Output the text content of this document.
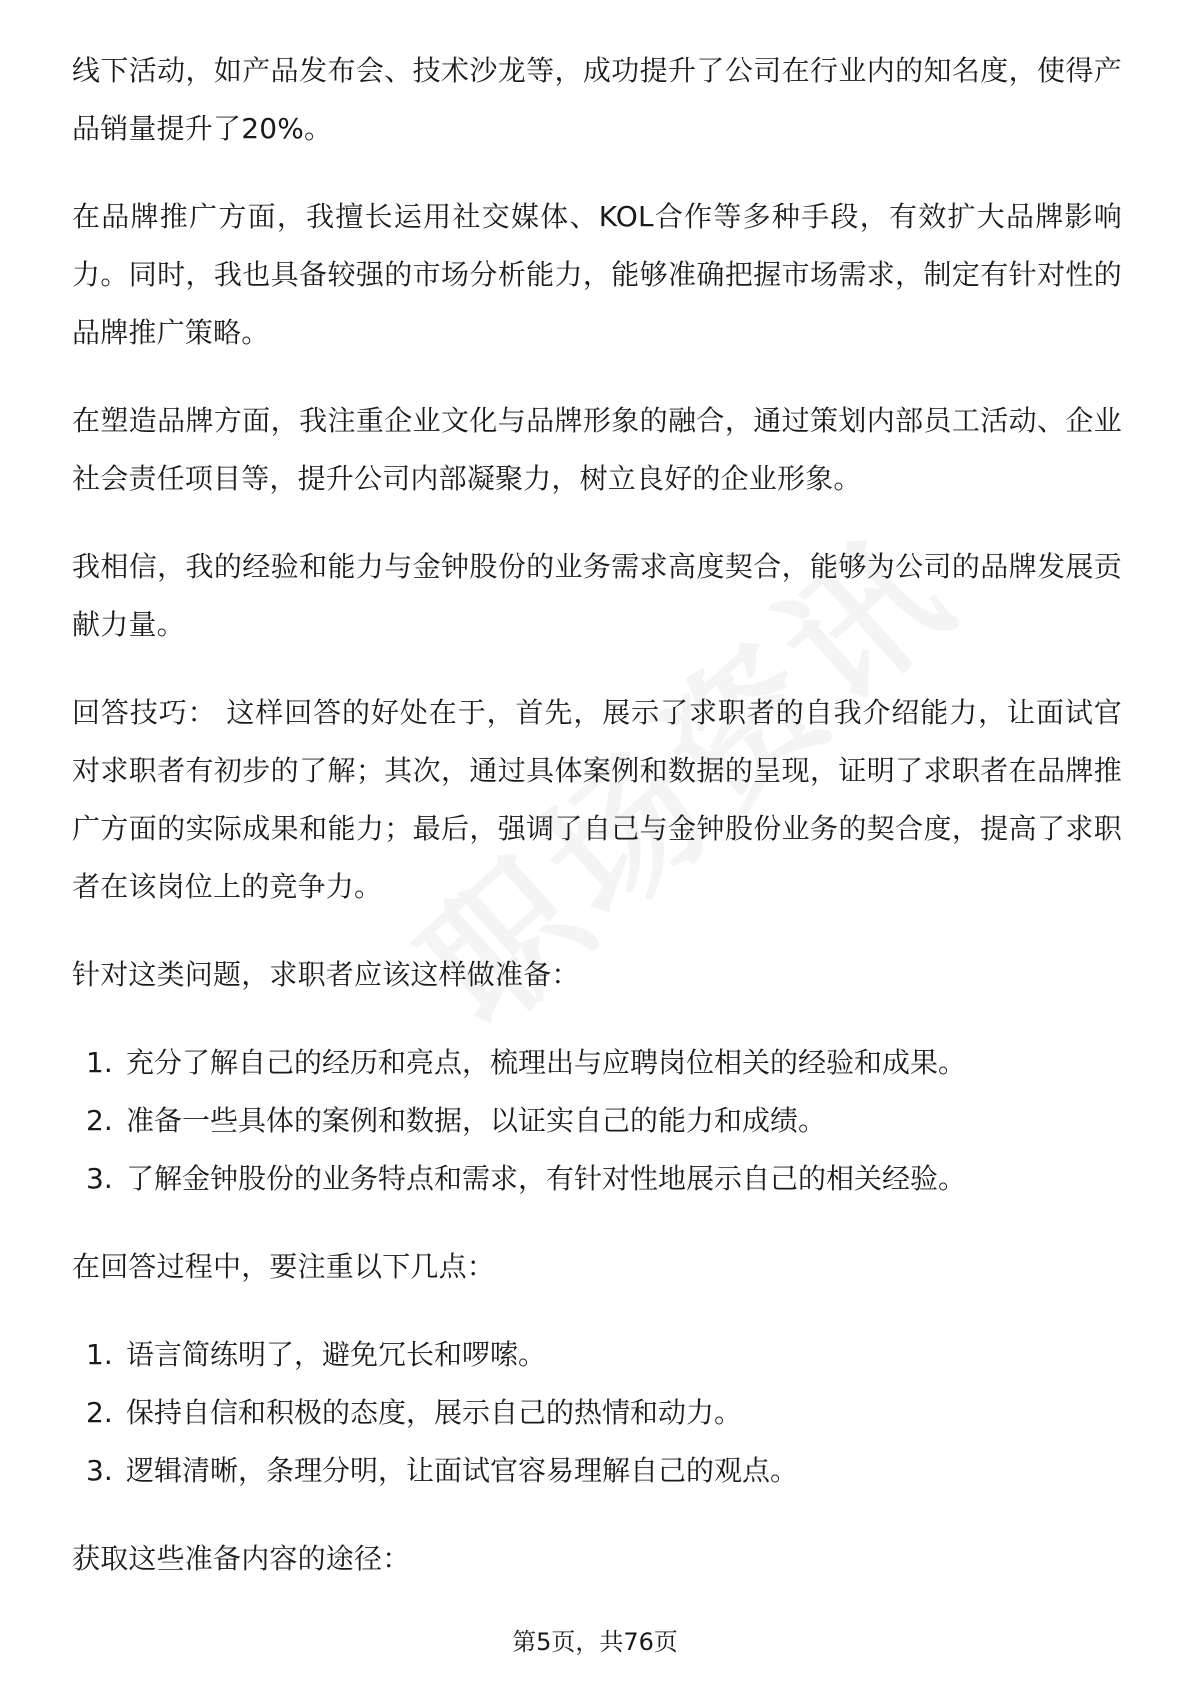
线下活动，如产品发布会、技术沙龙等，成功提升了公司在行业内的知名度，使得产品销量提升了20%。

在品牌推广方面，我擅长运用社交媒体、KOL合作等多种手段，有效扩大品牌影响力。同时，我也具备较强的市场分析能力，能够准确把握市场需求，制定有针对性的品牌推广策略。

在塑造品牌方面，我注重企业文化与品牌形象的融合，通过策划内部员工活动、企业社会责任项目等，提升公司内部凝聚力，树立良好的企业形象。

我相信，我的经验和能力与金钟股份的业务需求高度契合，能够为公司的品牌发展贡献力量。

回答技巧： 这样回答的好处在于，首先，展示了求职者的自我介绍能力，让面试官对求职者有初步的了解；其次，通过具体案例和数据的呈现，证明了求职者在品牌推广方面的实际成果和能力；最后，强调了自己与金钟股份业务的契合度，提高了求职者在该岗位上的竞争力。

针对这类问题，求职者应该这样做准备：

1. 充分了解自己的经历和亮点，梳理出与应聘岗位相关的经验和成果。
2. 准备一些具体的案例和数据，以证实自己的能力和成绩。
3. 了解金钟股份的业务特点和需求，有针对性地展示自己的相关经验。

在回答过程中，要注重以下几点：

1. 语言简练明了，避免冗长和啰嗦。
2. 保持自信和积极的态度，展示自己的热情和动力。
3. 逻辑清晰，条理分明，让面试官容易理解自己的观点。

获取这些准备内容的途径：

第5页，共76页
